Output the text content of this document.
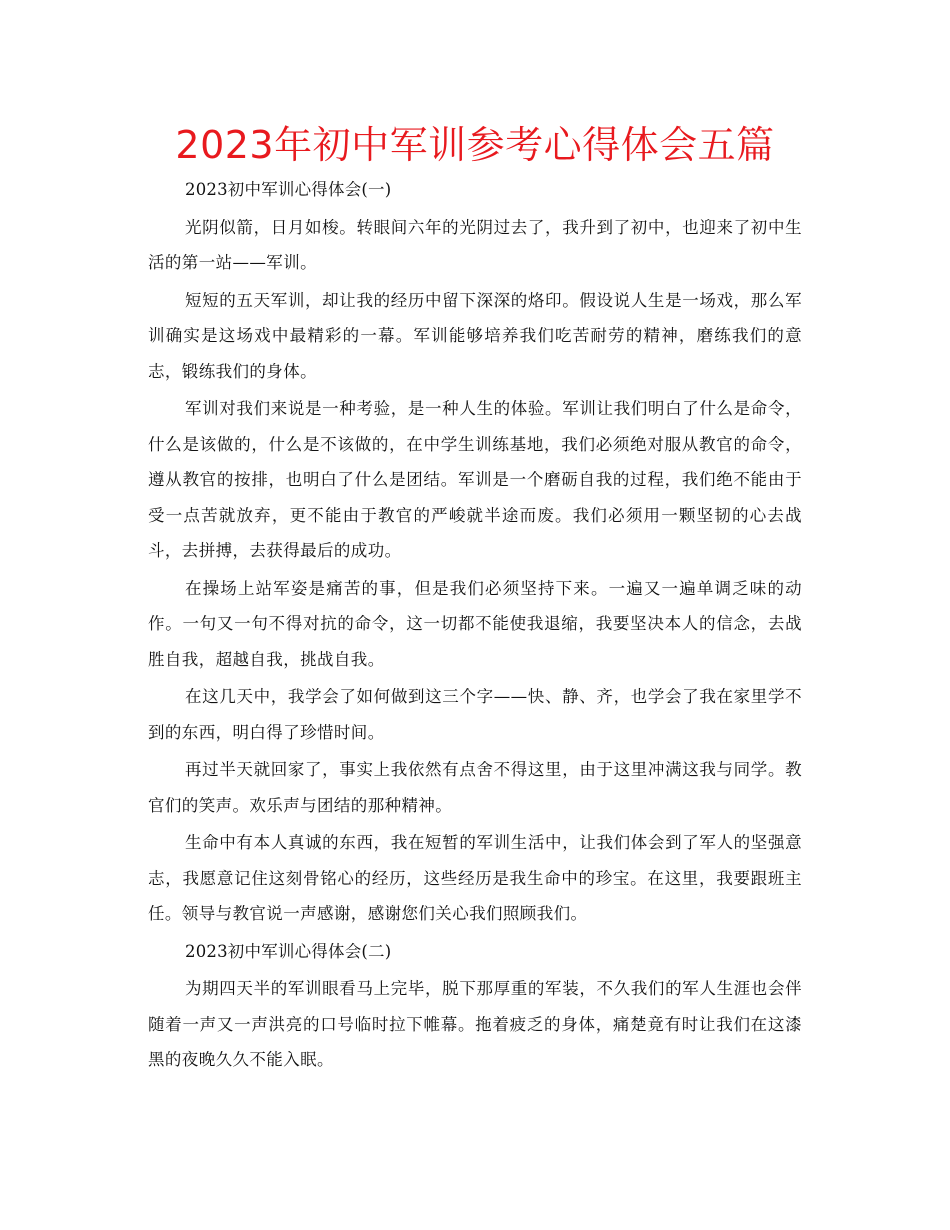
2023年初中军训参考心得体会五篇

2023初中军训心得体会(一)

光阴似箭，日月如梭。转眼间六年的光阴过去了，我升到了初中，也迎来了初中生活的第一站——军训。

短短的五天军训，却让我的经历中留下深深的烙印。假设说人生是一场戏，那么军训确实是这场戏中最精彩的一幕。军训能够培养我们吃苦耐劳的精神，磨练我们的意志，锻练我们的身体。

军训对我们来说是一种考验，是一种人生的体验。军训让我们明白了什么是命令，什么是该做的，什么是不该做的，在中学生训练基地，我们必须绝对服从教官的命令，遵从教官的按排，也明白了什么是团结。军训是一个磨砺自我的过程，我们绝不能由于受一点苦就放弃，更不能由于教官的严峻就半途而废。我们必须用一颗坚韧的心去战斗，去拼搏，去获得最后的成功。

在操场上站军姿是痛苦的事，但是我们必须坚持下来。一遍又一遍单调乏味的动作。一句又一句不得对抗的命令，这一切都不能使我退缩，我要坚决本人的信念，去战胜自我，超越自我，挑战自我。

在这几天中，我学会了如何做到这三个字——快、静、齐，也学会了我在家里学不到的东西，明白得了珍惜时间。

再过半天就回家了，事实上我依然有点舍不得这里，由于这里冲满这我与同学。教官们的笑声。欢乐声与团结的那种精神。

生命中有本人真诚的东西，我在短暂的军训生活中，让我们体会到了军人的坚强意志，我愿意记住这刻骨铭心的经历，这些经历是我生命中的珍宝。在这里，我要跟班主任。领导与教官说一声感谢，感谢您们关心我们照顾我们。

2023初中军训心得体会(二)

为期四天半的军训眼看马上完毕，脱下那厚重的军装，不久我们的军人生涯也会伴随着一声又一声洪亮的口号临时拉下帷幕。拖着疲乏的身体，痛楚竟有时让我们在这漆黑的夜晚久久不能入眠。
